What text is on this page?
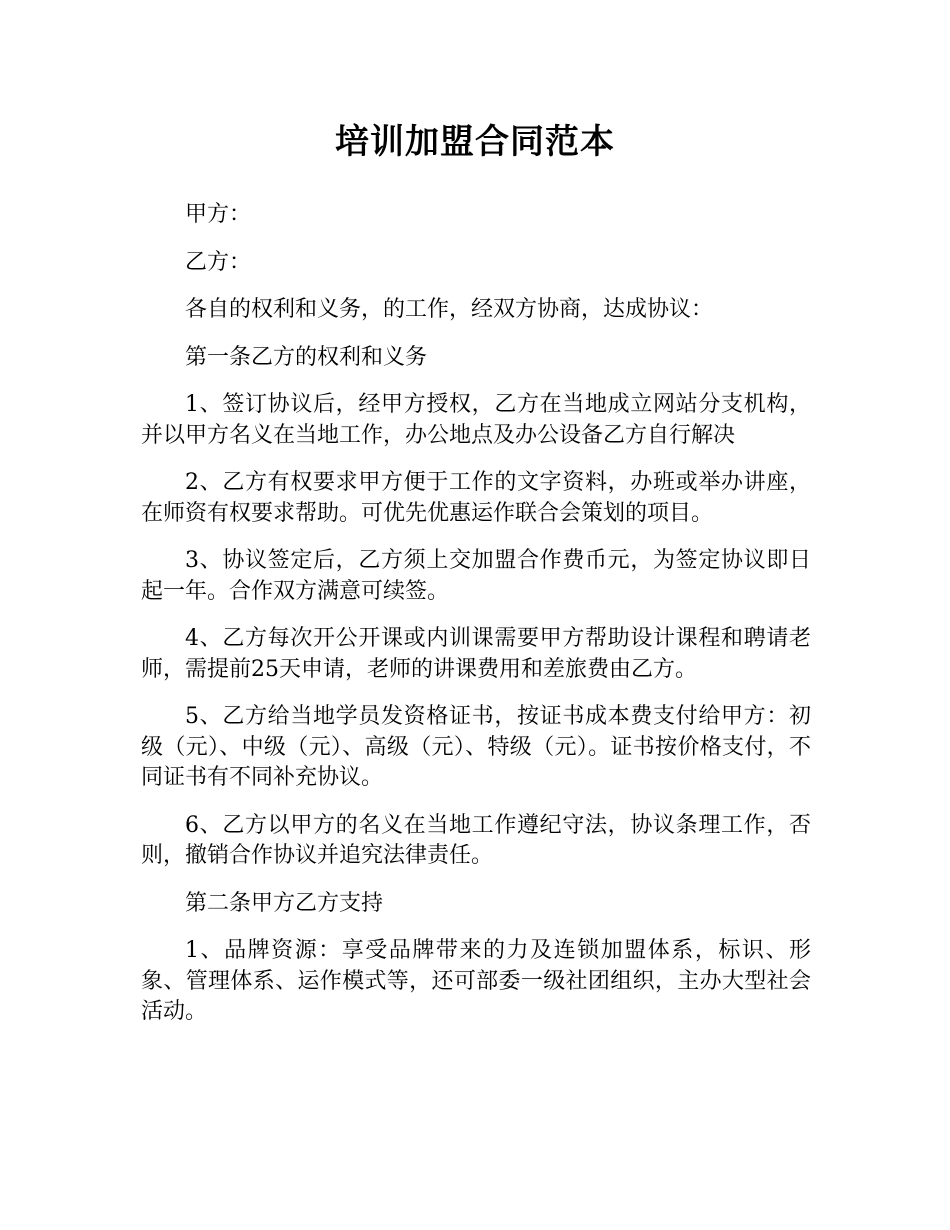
培训加盟合同范本

甲方：

乙方：

各自的权利和义务，的工作，经双方协商，达成协议：

第一条乙方的权利和义务

1、签订协议后，经甲方授权，乙方在当地成立网站分支机构，并以甲方名义在当地工作，办公地点及办公设备乙方自行解决

2、乙方有权要求甲方便于工作的文字资料，办班或举办讲座，在师资有权要求帮助。可优先优惠运作联合会策划的项目。

3、协议签定后，乙方须上交加盟合作费币元，为签定协议即日起一年。合作双方满意可续签。

4、乙方每次开公开课或内训课需要甲方帮助设计课程和聘请老师，需提前25天申请，老师的讲课费用和差旅费由乙方。

5、乙方给当地学员发资格证书，按证书成本费支付给甲方：初级（元）、中级（元）、高级（元）、特级（元）。证书按价格支付，不同证书有不同补充协议。

6、乙方以甲方的名义在当地工作遵纪守法，协议条理工作，否则，撤销合作协议并追究法律责任。

第二条甲方乙方支持

1、品牌资源：享受品牌带来的力及连锁加盟体系，标识、形象、管理体系、运作模式等，还可部委一级社团组织，主办大型社会活动。
